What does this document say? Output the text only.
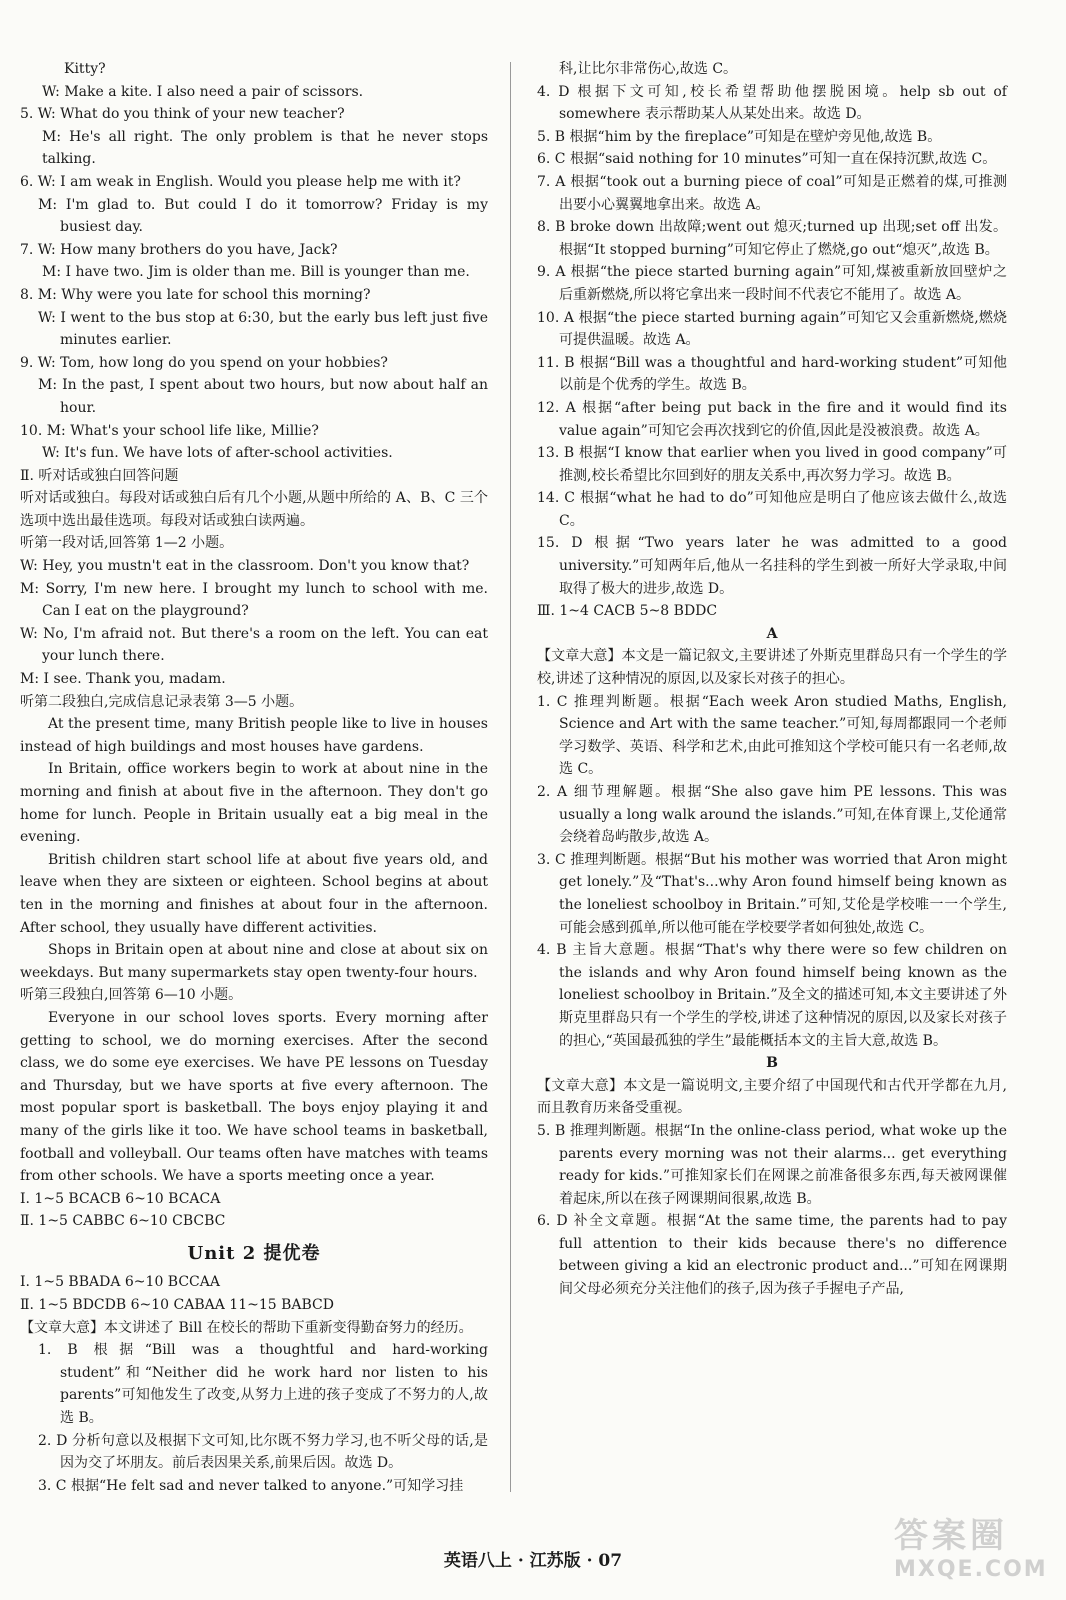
Kitty?

W: Make a kite. I also need a pair of scissors.

5. W: What do you think of your new teacher?

M: He's all right. The only problem is that he never stops talking.

6. W: I am weak in English. Would you please help me with it?

M: I'm glad to. But could I do it tomorrow? Friday is my busiest day.

7. W: How many brothers do you have, Jack?

M: I have two. Jim is older than me. Bill is younger than me.

8. M: Why were you late for school this morning?

W: I went to the bus stop at 6:30, but the early bus left just five minutes earlier.

9. W: Tom, how long do you spend on your hobbies?

M: In the past, I spent about two hours, but now about half an hour.

10. M: What's your school life like, Millie?

W: It's fun. We have lots of after-school activities.

Ⅱ. 听对话或独白回答问题

听对话或独白。每段对话或独白后有几个小题,从题中所给的 A、B、C 三个选项中选出最佳选项。每段对话或独白读两遍。

听第一段对话,回答第 1—2 小题。

W: Hey, you mustn't eat in the classroom. Don't you know that?

M: Sorry, I'm new here. I brought my lunch to school with me. Can I eat on the playground?

W: No, I'm afraid not. But there's a room on the left. You can eat your lunch there.

M: I see. Thank you, madam.

听第二段独白,完成信息记录表第 3—5 小题。

At the present time, many British people like to live in houses instead of high buildings and most houses have gardens.

In Britain, office workers begin to work at about nine in the morning and finish at about five in the afternoon. They don't go home for lunch. People in Britain usually eat a big meal in the evening.

British children start school life at about five years old, and leave when they are sixteen or eighteen. School begins at about ten in the morning and finishes at about four in the afternoon. After school, they usually have different activities.

Shops in Britain open at about nine and close at about six on weekdays. But many supermarkets stay open twenty-four hours.

听第三段独白,回答第 6—10 小题。

Everyone in our school loves sports. Every morning after getting to school, we do morning exercises. After the second class, we do some eye exercises. We have PE lessons on Tuesday and Thursday, but we have sports at five every afternoon. The most popular sport is basketball. The boys enjoy playing it and many of the girls like it too. We have school teams in basketball, football and volleyball. Our teams often have matches with teams from other schools. We have a sports meeting once a year.

Ⅰ. 1~5 BCACB 6~10 BCACA

Ⅱ. 1~5 CABBC 6~10 CBCBC

Unit 2 提优卷

Ⅰ. 1~5 BBADA 6~10 BCCAA

Ⅱ. 1~5 BDCDB 6~10 CABAA 11~15 BABCD

【文章大意】本文讲述了 Bill 在校长的帮助下重新变得勤奋努力的经历。

1. B 根据“Bill was a thoughtful and hard-working student”和“Neither did he work hard nor listen to his parents”可知他发生了改变,从努力上进的孩子变成了不努力的人,故选 B。

2. D 分析句意以及根据下文可知,比尔既不努力学习,也不听父母的话,是因为交了坏朋友。前后表因果关系,前果后因。故选 D。

3. C 根据“He felt sad and never talked to anyone.”可知学习挂

科,让比尔非常伤心,故选 C。

4. D 根据下文可知,校长希望帮助他摆脱困境。help sb out of somewhere 表示帮助某人从某处出来。故选 D。

5. B 根据“him by the fireplace”可知是在壁炉旁见他,故选 B。

6. C 根据“said nothing for 10 minutes”可知一直在保持沉默,故选 C。

7. A 根据“took out a burning piece of coal”可知是正燃着的煤,可推测出要小心翼翼地拿出来。故选 A。

8. B broke down 出故障;went out 熄灭;turned up 出现;set off 出发。根据“It stopped burning”可知它停止了燃烧,go out“熄灭”,故选 B。

9. A 根据“the piece started burning again”可知,煤被重新放回壁炉之后重新燃烧,所以将它拿出来一段时间不代表它不能用了。故选 A。

10. A 根据“the piece started burning again”可知它又会重新燃烧,燃烧可提供温暖。故选 A。

11. B 根据“Bill was a thoughtful and hard-working student”可知他以前是个优秀的学生。故选 B。

12. A 根据“after being put back in the fire and it would find its value again”可知它会再次找到它的价值,因此是没被浪费。故选 A。

13. B 根据“I know that earlier when you lived in good company”可推测,校长希望比尔回到好的朋友关系中,再次努力学习。故选 B。

14. C 根据“what he had to do”可知他应是明白了他应该去做什么,故选 C。

15. D 根据“Two years later he was admitted to a good university.”可知两年后,他从一名挂科的学生到被一所好大学录取,中间取得了极大的进步,故选 D。

Ⅲ. 1~4 CACB 5~8 BDDC

A

【文章大意】本文是一篇记叙文,主要讲述了外斯克里群岛只有一个学生的学校,讲述了这种情况的原因,以及家长对孩子的担心。

1. C 推理判断题。根据“Each week Aron studied Maths, English, Science and Art with the same teacher.”可知,每周都跟同一个老师学习数学、英语、科学和艺术,由此可推知这个学校可能只有一名老师,故选 C。

2. A 细节理解题。根据“She also gave him PE lessons. This was usually a long walk around the islands.”可知,在体育课上,艾伦通常会绕着岛屿散步,故选 A。

3. C 推理判断题。根据“But his mother was worried that Aron might get lonely.”及“That's...why Aron found himself being known as the loneliest schoolboy in Britain.”可知,艾伦是学校唯一一个学生,可能会感到孤单,所以他可能在学校要学者如何独处,故选 C。

4. B 主旨大意题。根据“That's why there were so few children on the islands and why Aron found himself being known as the loneliest schoolboy in Britain.”及全文的描述可知,本文主要讲述了外斯克里群岛只有一个学生的学校,讲述了这种情况的原因,以及家长对孩子的担心,“英国最孤独的学生”最能概括本文的主旨大意,故选 B。

B

【文章大意】本文是一篇说明文,主要介绍了中国现代和古代开学都在九月,而且教育历来备受重视。

5. B 推理判断题。根据“In the online-class period, what woke up the parents every morning was not their alarms... get everything ready for kids.”可推知家长们在网课之前准备很多东西,每天被网课催着起床,所以在孩子网课期间很累,故选 B。

6. D 补全文章题。根据“At the same time, the parents had to pay full attention to their kids because there's no difference between giving a kid an electronic product and...”可知在网课期间父母必须充分关注他们的孩子,因为孩子手握电子产品,

英语八上 · 江苏版 · 07
答案圈
MXQE.COM
